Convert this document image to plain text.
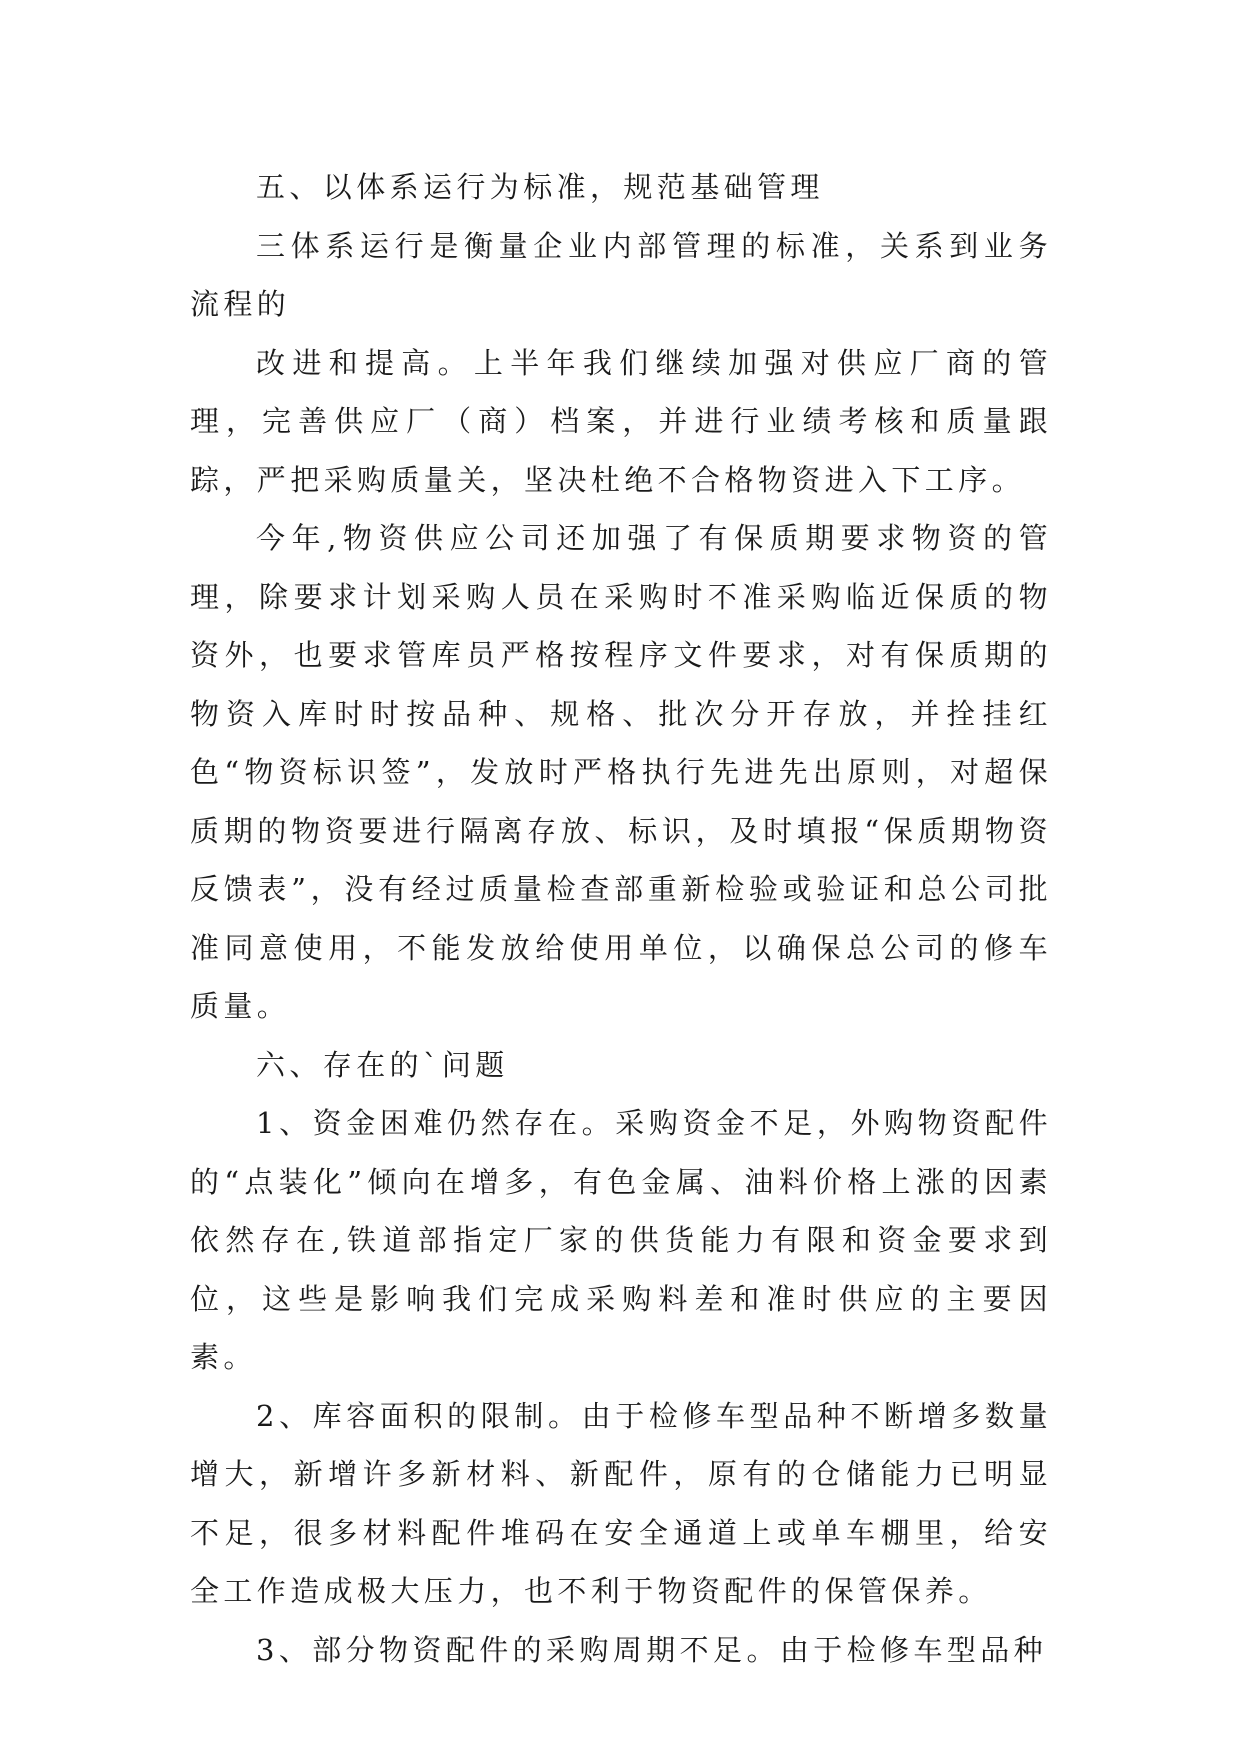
五、以体系运行为标准，规范基础管理

三体系运行是衡量企业内部管理的标准，关系到业务流程的

改进和提高。上半年我们继续加强对供应厂商的管理，完善供应厂（商）档案，并进行业绩考核和质量跟踪，严把采购质量关，坚决杜绝不合格物资进入下工序。

今年,物资供应公司还加强了有保质期要求物资的管理，除要求计划采购人员在采购时不准采购临近保质的物资外，也要求管库员严格按程序文件要求，对有保质期的物资入库时时按品种、规格、批次分开存放，并拴挂红色“物资标识签”，发放时严格执行先进先出原则，对超保质期的物资要进行隔离存放、标识，及时填报“保质期物资反馈表”，没有经过质量检查部重新检验或验证和总公司批准同意使用，不能发放给使用单位，以确保总公司的修车质量。

六、存在的`问题

1、资金困难仍然存在。采购资金不足，外购物资配件的“点装化”倾向在增多，有色金属、油料价格上涨的因素依然存在,铁道部指定厂家的供货能力有限和资金要求到位，这些是影响我们完成采购料差和准时供应的主要因素。

2、库容面积的限制。由于检修车型品种不断增多数量增大，新增许多新材料、新配件，原有的仓储能力已明显不足，很多材料配件堆码在安全通道上或单车棚里，给安全工作造成极大压力，也不利于物资配件的保管保养。

3、部分物资配件的采购周期不足。由于检修车型品种
